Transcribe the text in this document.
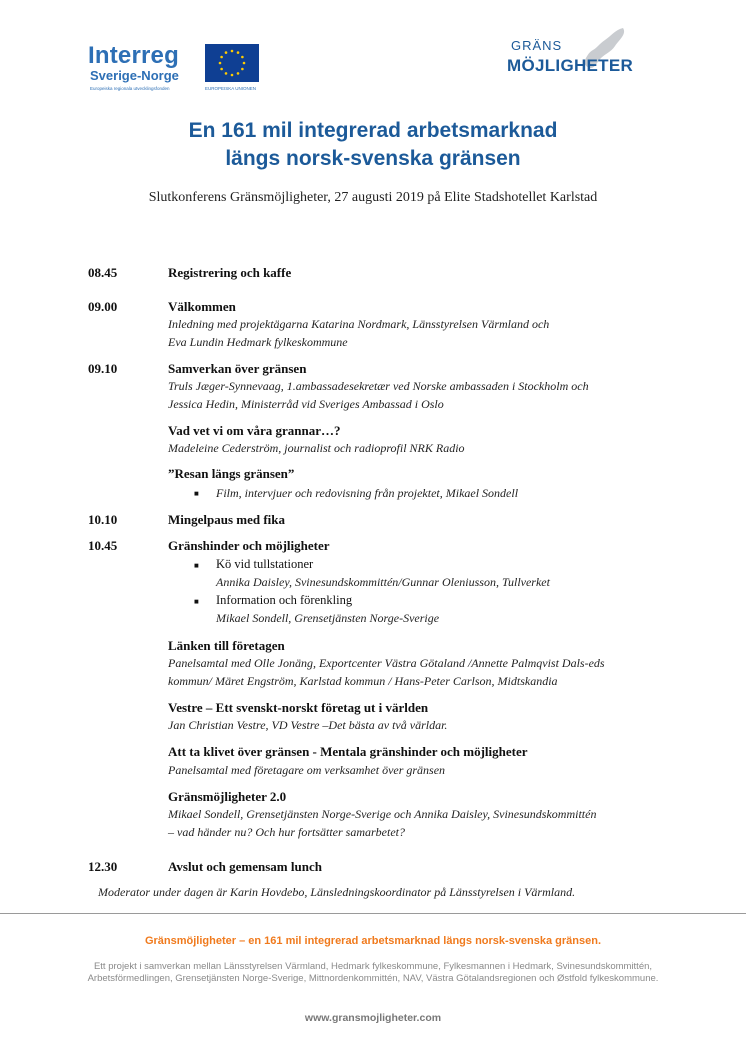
Interreg
Sverige-Norge
Europeiska regionala utvecklingsfonden	EUROPEISKA UNIONEN
GRÄNS
MÖJLIGHETER
En 161 mil integrerad arbetsmarknad
längs norsk-svenska gränsen
Slutkonferens Gränsmöjligheter, 27 augusti 2019 på Elite Stadshotellet Karlstad
08.45	Registrering och kaffe
09.00	Välkommen
Inledning med projektägarna Katarina Nordmark, Länsstyrelsen Värmland och
Eva Lundin Hedmark fylkeskommune
09.10	Samverkan över gränsen
Truls Jæger-Synnevaag, 1.ambassadesekretær ved Norske ambassaden i Stockholm och
Jessica Hedin, Ministerråd vid Sveriges Ambassad i Oslo
Vad vet vi om våra grannar…?
Madeleine Cederström, journalist och radioprofil NRK Radio
”Resan längs gränsen”
■ Film, intervjuer och redovisning från projektet, Mikael Sondell
10.10	Mingelpaus med fika
10.45	Gränshinder och möjligheter
■ Kö vid tullstationer
Annika Daisley, Svinesundskommittén/Gunnar Oleniusson, Tullverket
■ Information och förenkling
Mikael Sondell, Grensetjänsten Norge-Sverige
Länken till företagen
Panelsamtal med Olle Jonäng, Exportcenter Västra Götaland /Annette Palmqvist Dals-eds
kommun/ Märet Engström, Karlstad kommun / Hans-Peter Carlson, Midtskandia
Vestre – Ett svenskt-norskt företag ut i världen
Jan Christian Vestre, VD Vestre –Det bästa av två världar.
Att ta klivet över gränsen - Mentala gränshinder och möjligheter
Panelsamtal med företagare om verksamhet över gränsen
Gränsmöjligheter 2.0
Mikael Sondell, Grensetjänsten Norge-Sverige och Annika Daisley, Svinesundskommittén
– vad händer nu? Och hur fortsätter samarbetet?
12.30	Avslut och gemensam lunch
Moderator under dagen är Karin Hovdebo, Länsledningskoordinator på Länsstyrelsen i Värmland.
Gränsmöjligheter – en 161 mil integrerad arbetsmarknad längs norsk-svenska gränsen.
Ett projekt i samverkan mellan Länsstyrelsen Värmland, Hedmark fylkeskommune, Fylkesmannen i Hedmark, Svinesundskommittén, Arbetsförmedlingen, Grensetjänsten Norge-Sverige, Mittnordenkommittén, NAV, Västra Götalandsregionen och Østfold fylkeskommune.
www.gransmojligheter.com
